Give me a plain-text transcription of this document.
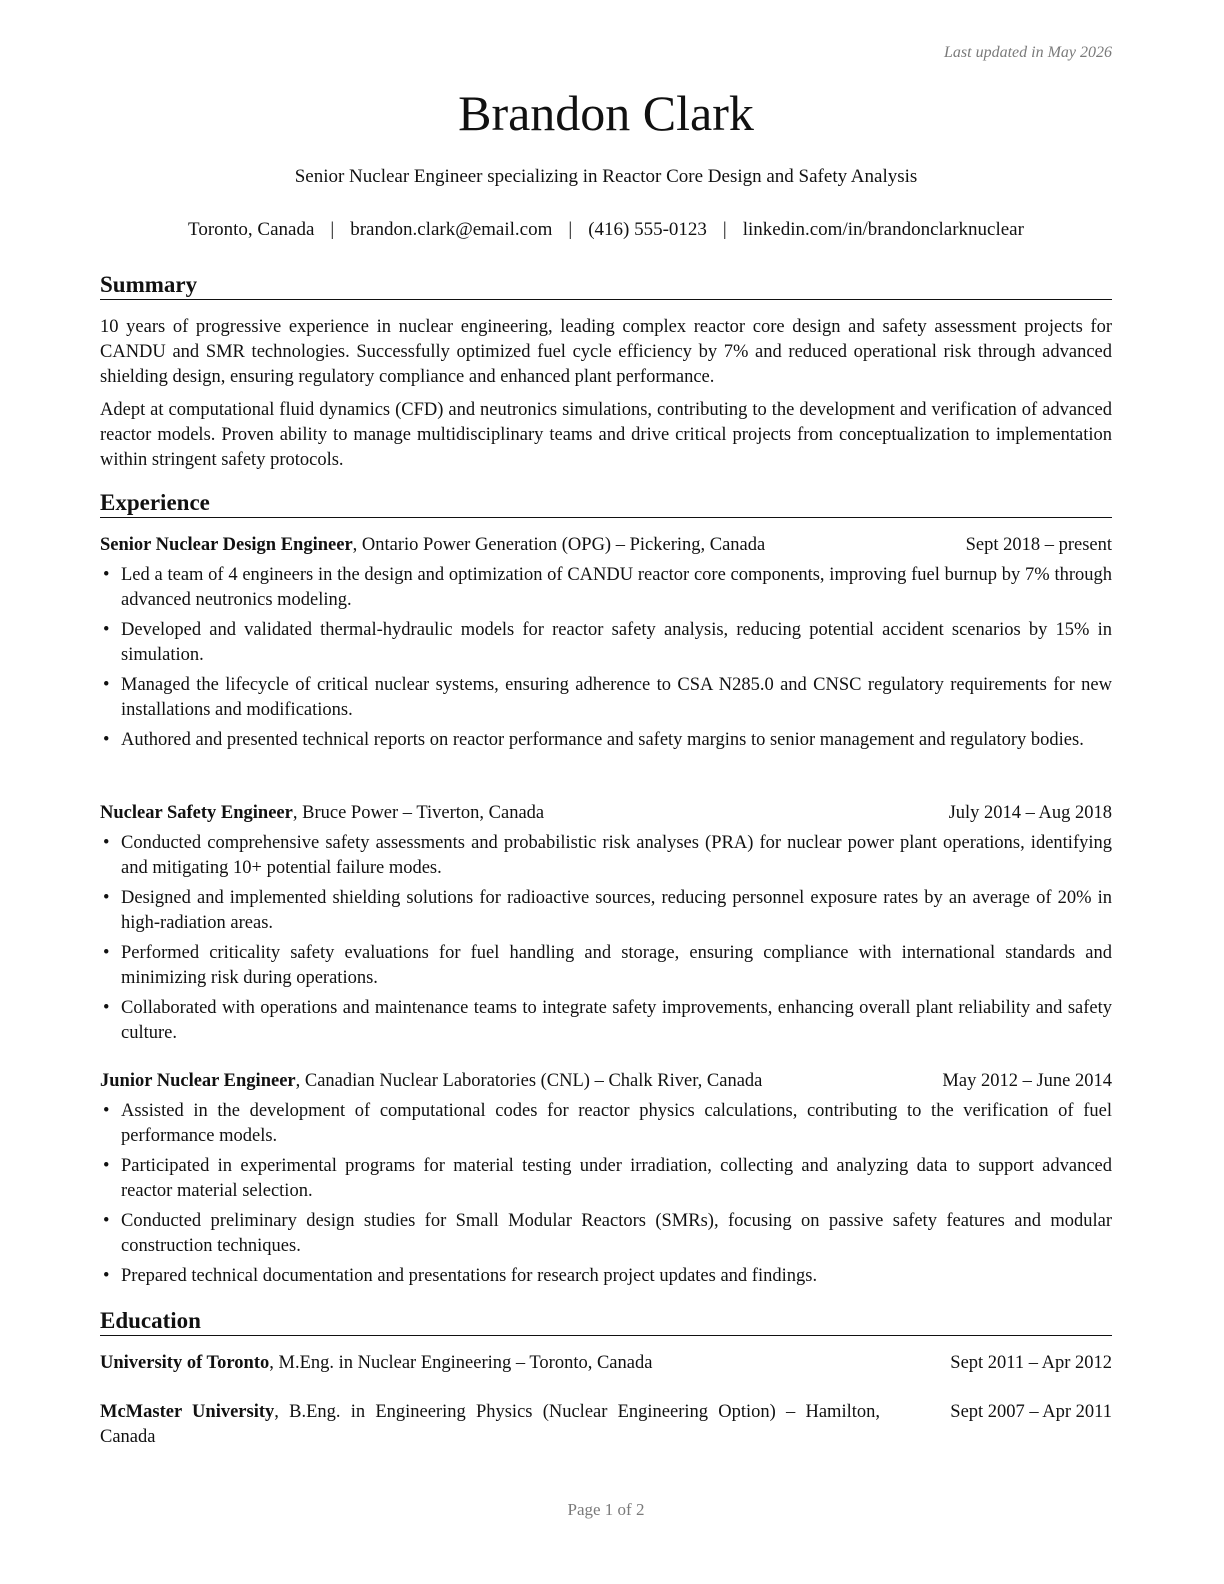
Last updated in May 2026
Brandon Clark
Senior Nuclear Engineer specializing in Reactor Core Design and Safety Analysis
Toronto, Canada | brandon.clark@email.com | (416) 555-0123 | linkedin.com/in/brandonclarknuclear
Summary
10 years of progressive experience in nuclear engineering, leading complex reactor core design and safety assessment projects for CANDU and SMR technologies. Successfully optimized fuel cycle efficiency by 7% and reduced operational risk through advanced shielding design, ensuring regulatory compliance and enhanced plant performance.
Adept at computational fluid dynamics (CFD) and neutronics simulations, contributing to the development and verification of advanced reactor models. Proven ability to manage multidisciplinary teams and drive critical projects from conceptualization to implementation within stringent safety protocols.
Experience
Senior Nuclear Design Engineer, Ontario Power Generation (OPG) – Pickering, Canada	Sept 2018 – present
• Led a team of 4 engineers in the design and optimization of CANDU reactor core components, improving fuel burnup by 7% through advanced neutronics modeling.
• Developed and validated thermal-hydraulic models for reactor safety analysis, reducing potential accident scenarios by 15% in simulation.
• Managed the lifecycle of critical nuclear systems, ensuring adherence to CSA N285.0 and CNSC regulatory requirements for new installations and modifications.
• Authored and presented technical reports on reactor performance and safety margins to senior management and regulatory bodies.
Nuclear Safety Engineer, Bruce Power – Tiverton, Canada	July 2014 – Aug 2018
• Conducted comprehensive safety assessments and probabilistic risk analyses (PRA) for nuclear power plant operations, identifying and mitigating 10+ potential failure modes.
• Designed and implemented shielding solutions for radioactive sources, reducing personnel exposure rates by an average of 20% in high-radiation areas.
• Performed criticality safety evaluations for fuel handling and storage, ensuring compliance with international standards and minimizing risk during operations.
• Collaborated with operations and maintenance teams to integrate safety improvements, enhancing overall plant reliability and safety culture.
Junior Nuclear Engineer, Canadian Nuclear Laboratories (CNL) – Chalk River, Canada	May 2012 – June 2014
• Assisted in the development of computational codes for reactor physics calculations, contributing to the verification of fuel performance models.
• Participated in experimental programs for material testing under irradiation, collecting and analyzing data to support advanced reactor material selection.
• Conducted preliminary design studies for Small Modular Reactors (SMRs), focusing on passive safety features and modular construction techniques.
• Prepared technical documentation and presentations for research project updates and findings.
Education
University of Toronto, M.Eng. in Nuclear Engineering – Toronto, Canada	Sept 2011 – Apr 2012
McMaster University, B.Eng. in Engineering Physics (Nuclear Engineering Option) – Hamilton, Canada
Sept 2007 – Apr 2011
Page 1 of 2
